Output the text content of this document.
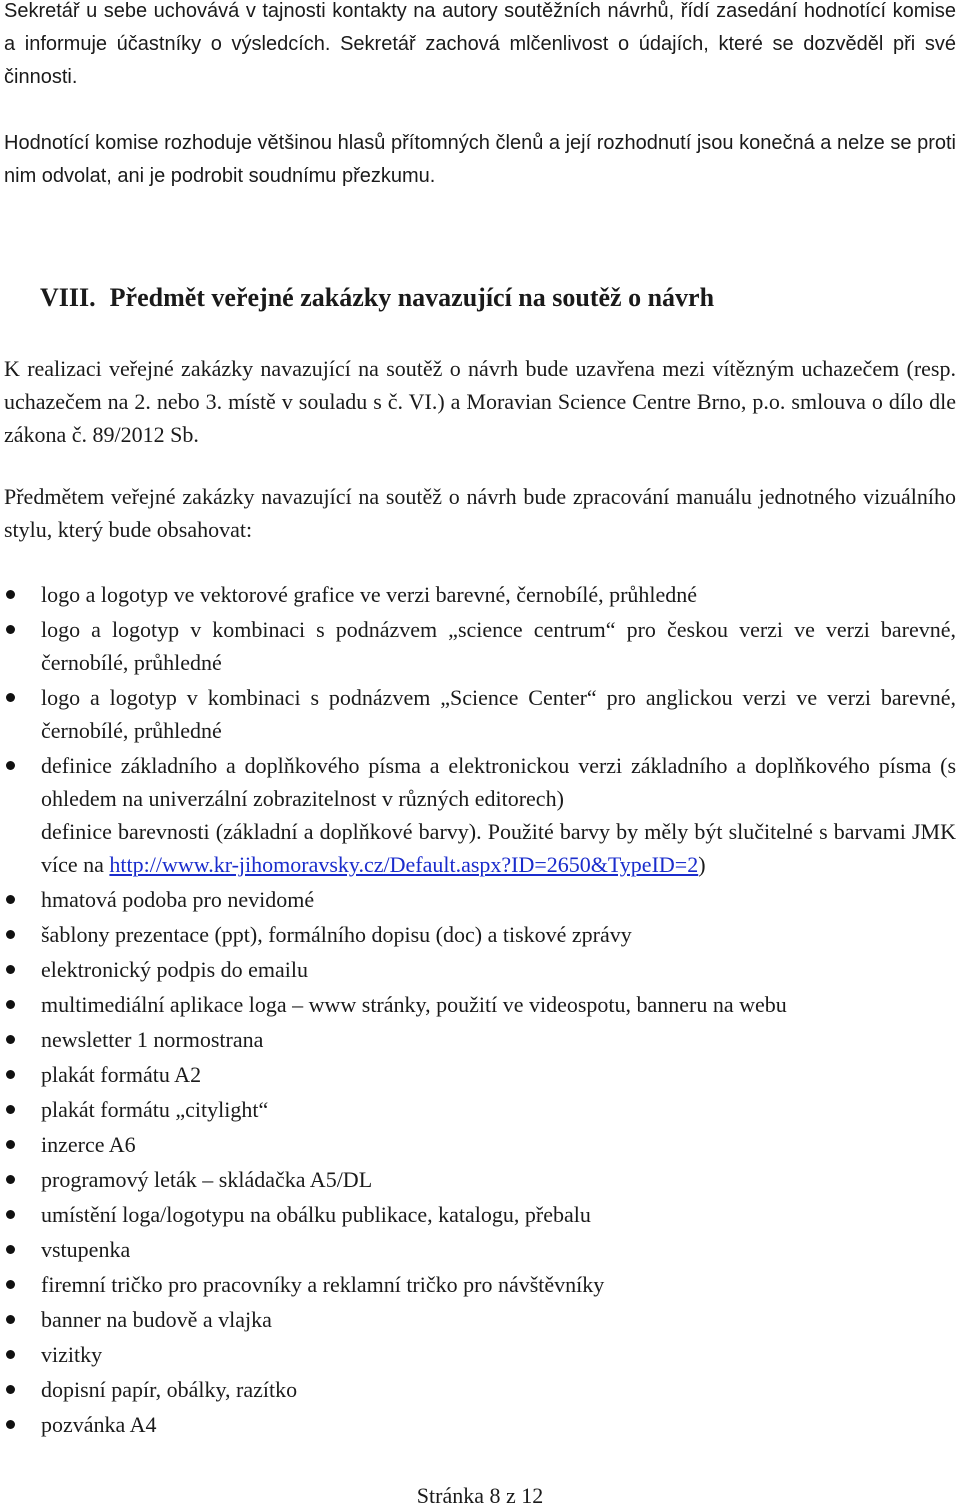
Sekretář u sebe uchovává v tajnosti kontakty na autory soutěžních návrhů, řídí zasedání hodnotící komise a informuje účastníky o výsledcích. Sekretář zachová mlčenlivost o údajích, které se dozvěděl při své činnosti.

Hodnotící komise rozhoduje většinou hlasů přítomných členů a její rozhodnutí jsou konečná a nelze se proti nim odvolat, ani je podrobit soudnímu přezkumu.

VIII. Předmět veřejné zakázky navazující na soutěž o návrh

K realizaci veřejné zakázky navazující na soutěž o návrh bude uzavřena mezi vítězným uchazečem (resp. uchazečem na 2. nebo 3. místě v souladu s č. VI.) a Moravian Science Centre Brno, p.o. smlouva o dílo dle zákona č. 89/2012 Sb.

Předmětem veřejné zakázky navazující na soutěž o návrh bude zpracování manuálu jednotného vizuálního stylu, který bude obsahovat:

logo a logotyp ve vektorové grafice ve verzi barevné, černobílé, průhledné
logo a logotyp v kombinaci s podnázvem „science centrum“ pro českou verzi ve verzi barevné, černobílé, průhledné
logo a logotyp v kombinaci s podnázvem „Science Center“ pro anglickou verzi ve verzi barevné, černobílé, průhledné
definice základního a doplňkového písma a elektronickou verzi základního a doplňkového písma (s ohledem na univerzální zobrazitelnost v různých editorech)
definice barevnosti (základní a doplňkové barvy). Použité barvy by měly být slučitelné s barvami JMK více na http://www.kr-jihomoravsky.cz/Default.aspx?ID=2650&TypeID=2)
hmatová podoba pro nevidomé
šablony prezentace (ppt), formálního dopisu (doc) a tiskové zprávy
elektronický podpis do emailu
multimediální aplikace loga – www stránky, použití ve videospotu, banneru na webu
newsletter 1 normostrana
plakát formátu A2
plakát formátu „citylight“
inzerce A6
programový leták – skládačka A5/DL
umístění loga/logotypu na obálku publikace, katalogu, přebalu
vstupenka
firemní tričko pro pracovníky a reklamní tričko pro návštěvníky
banner na budově a vlajka
vizitky
dopisní papír, obálky, razítko
pozvánka A4

Stránka 8 z 12
